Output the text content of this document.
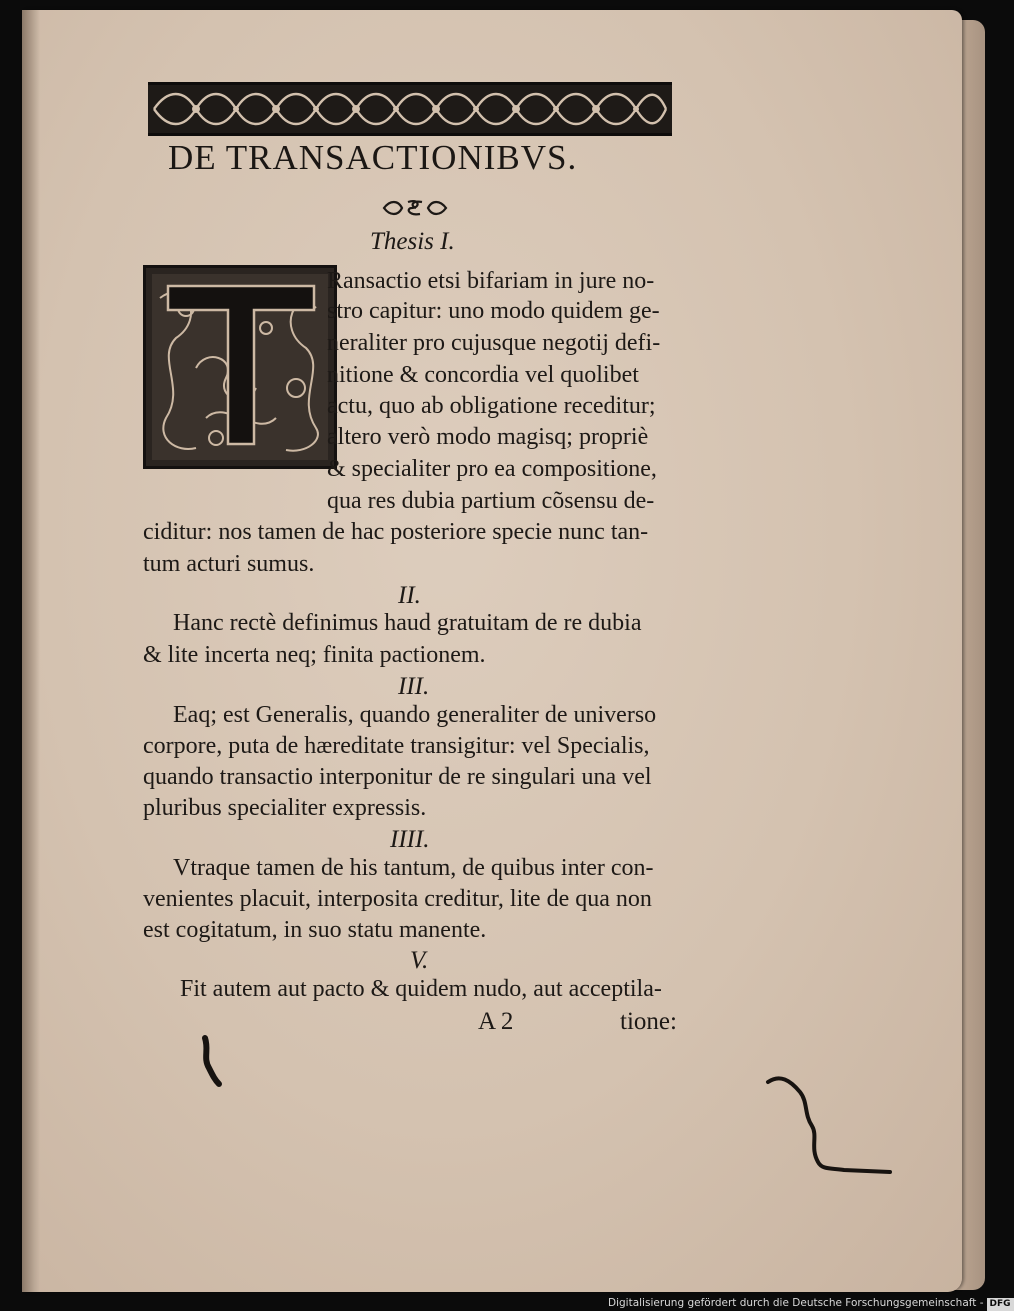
DE TRANSACTIONIBVS.
Thesis I.
Ransactio etsi bifariam in jure no-
stro capitur: uno modo quidem ge-
neraliter pro cujusque negotij defi-
nitione & concordia vel quolibet
actu, quo ab obligatione receditur;
altero verò modo magisq; propriè
& specialiter pro ea compositione,
qua res dubia partium cõsensu de-
ciditur: nos tamen de hac posteriore specie nunc tan-
tum acturi sumus.
II.
Hanc rectè definimus haud gratuitam de re dubia
& lite incerta neq; finita pactionem.
III.
Eaq; est Generalis, quando generaliter de universo
corpore, puta de hæreditate transigitur: vel Specialis,
quando transactio interponitur de re singulari una vel
pluribus specialiter expressis.
IIII.
Vtraque tamen de his tantum, de quibus inter con-
venientes placuit, interposita creditur, lite de qua non
est cogitatum, in suo statu manente.
V.
Fit autem aut pacto & quidem nudo, aut acceptila-
A 2	tione:
Digitalisierung gefördert durch die Deutsche Forschungsgemeinschaft - DFG
